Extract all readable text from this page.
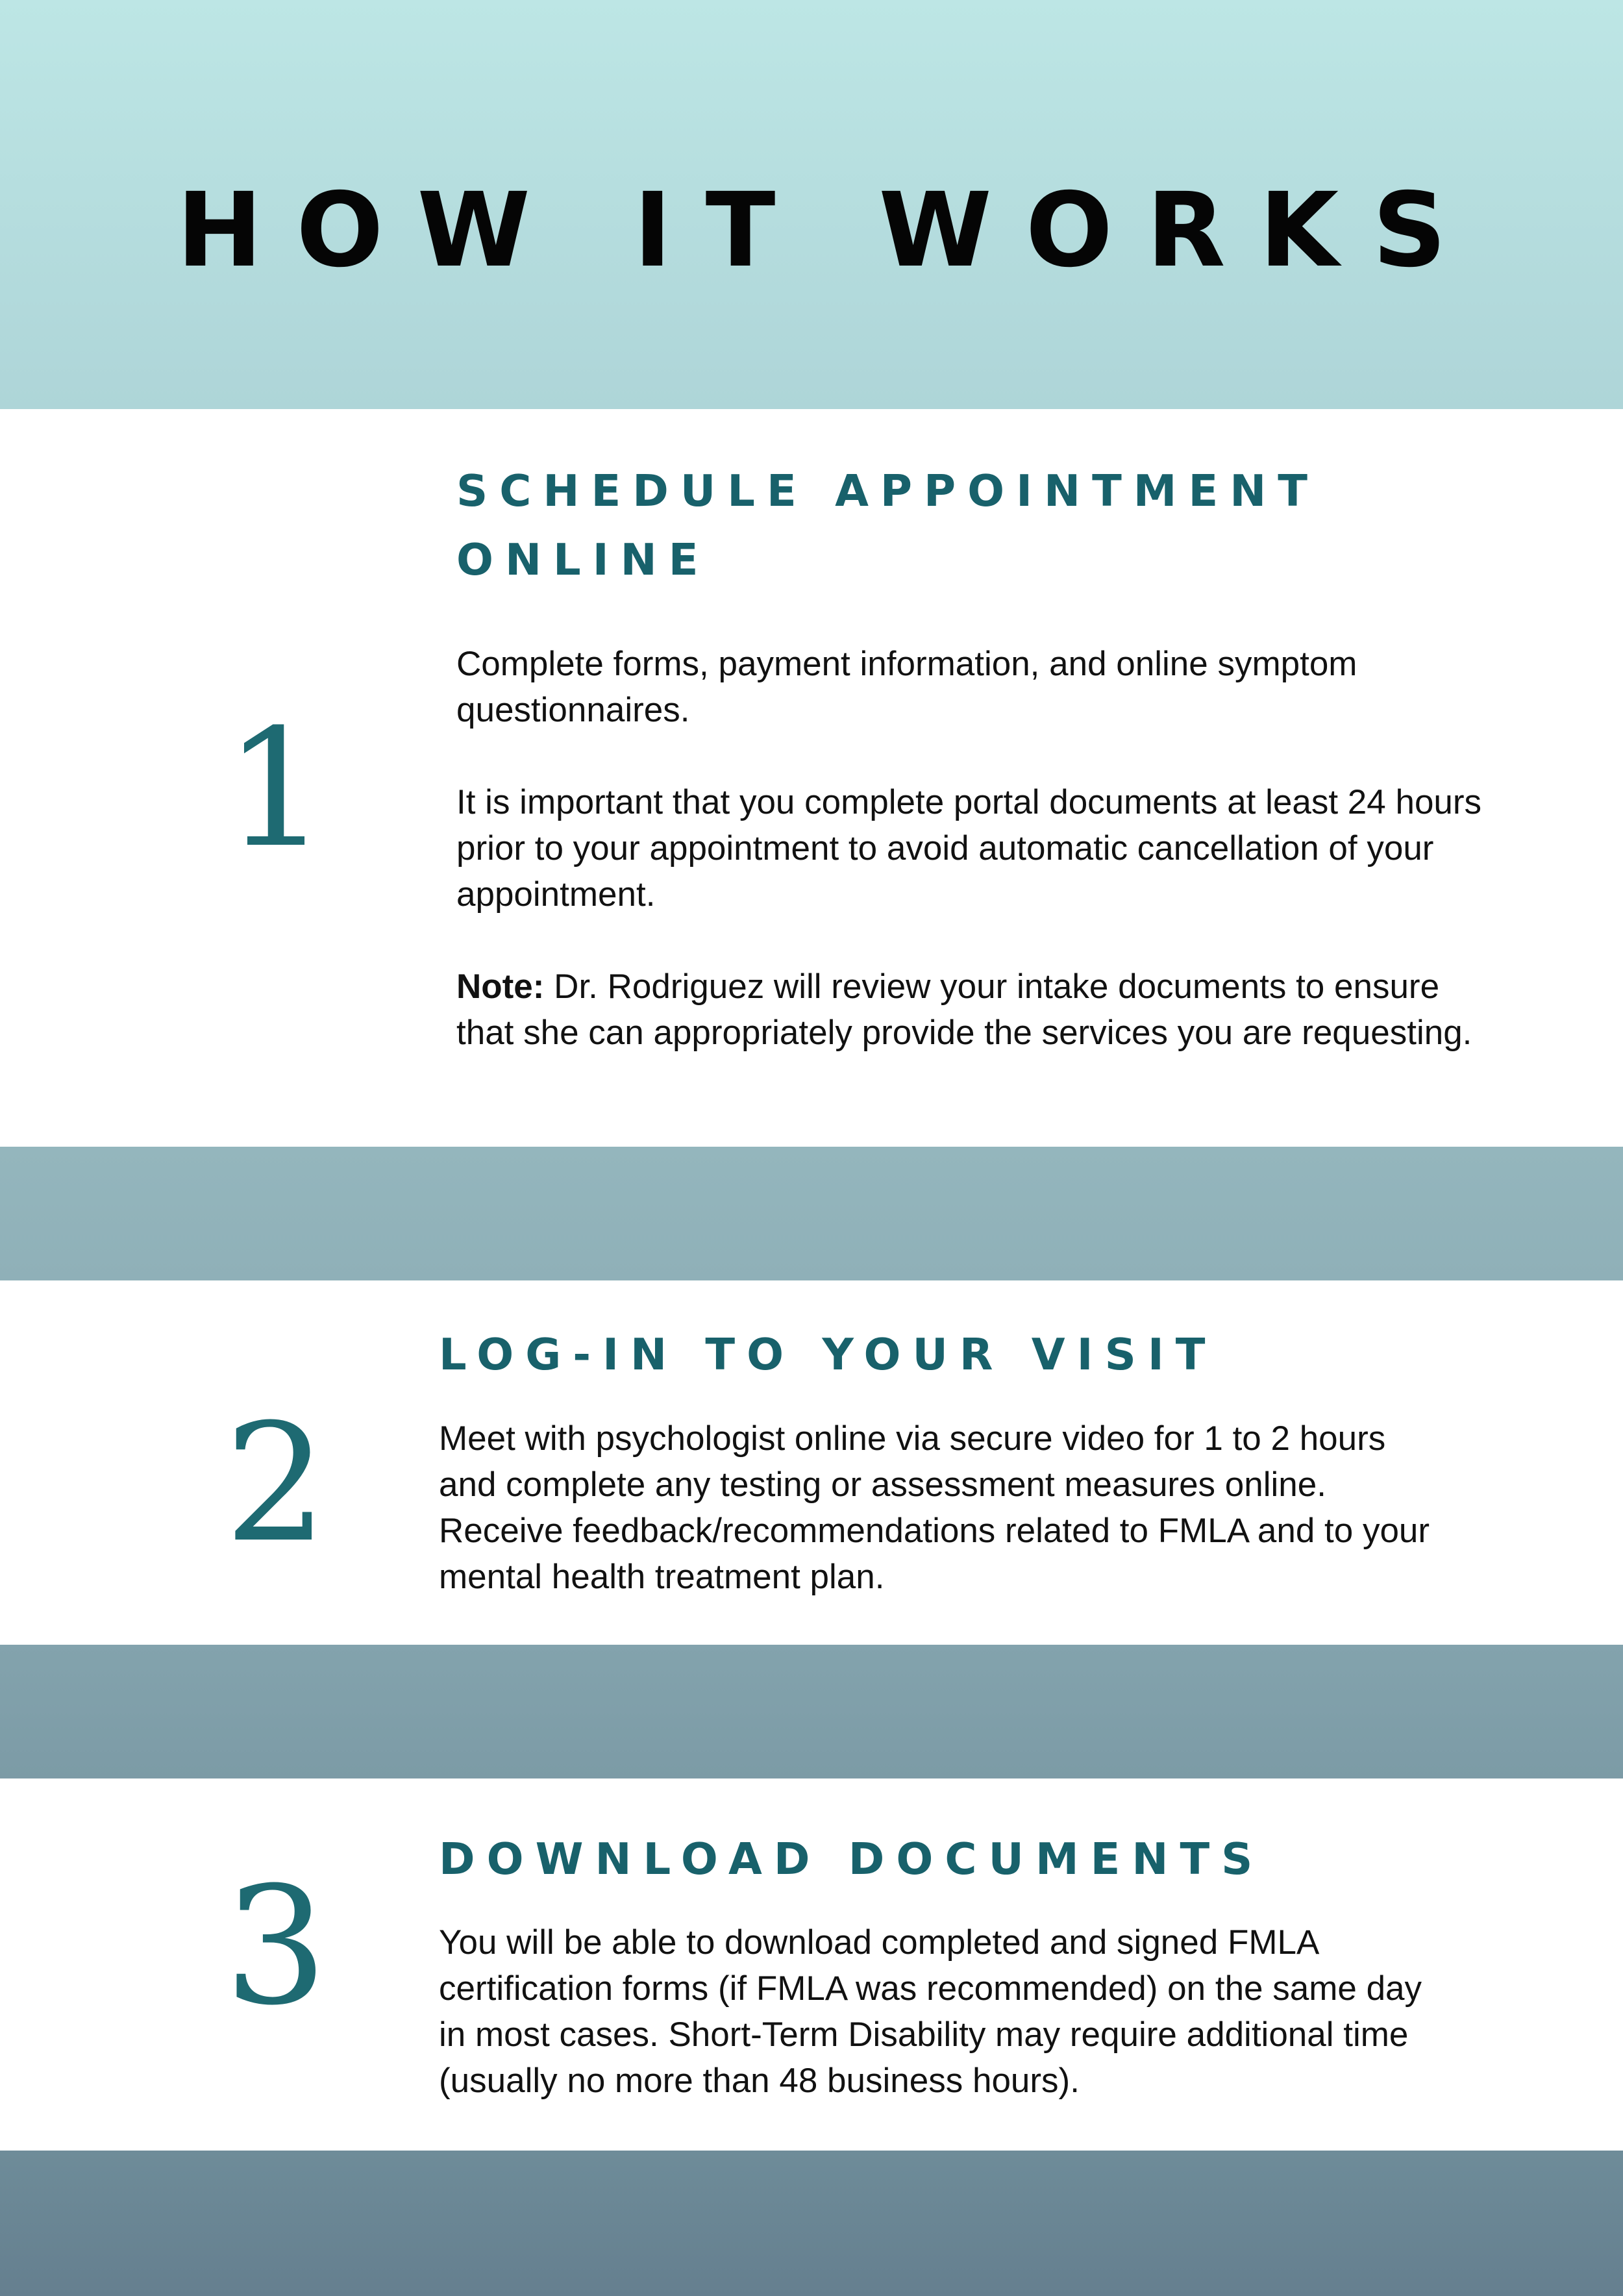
HOW IT WORKS
1
SCHEDULE APPOINTMENT
ONLINE

Complete forms, payment information, and online symptom questionnaires.

It is important that you complete portal documents at least 24 hours prior to your appointment to avoid automatic cancellation of your appointment.

Note: Dr. Rodriguez will review your intake documents to ensure that she can appropriately provide the services you are requesting.

2
LOG-IN TO YOUR VISIT

Meet with psychologist online via secure video for 1 to 2 hours and complete any testing or assessment measures online. Receive feedback/recommendations related to FMLA and to your mental health treatment plan.

3	DOWNLOAD DOCUMENTS

You will be able to download completed and signed FMLA certification forms (if FMLA was recommended) on the same day in most cases. Short-Term Disability may require additional time (usually no more than 48 business hours).
